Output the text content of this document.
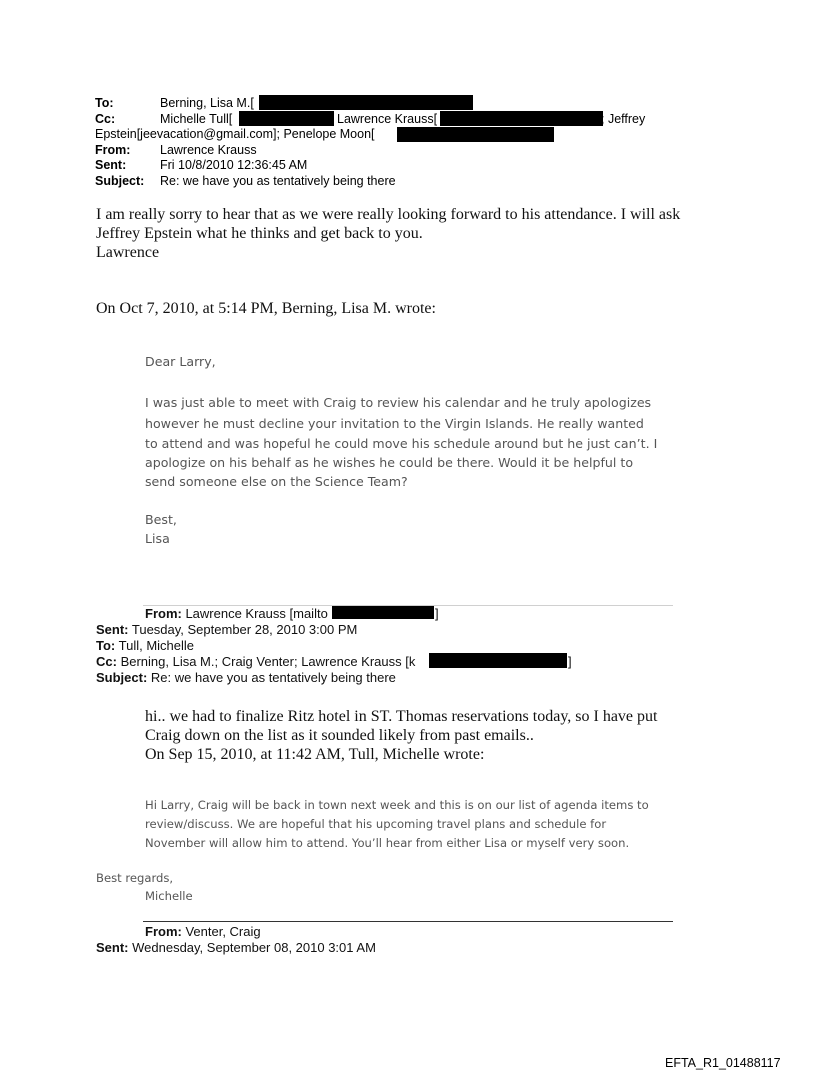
To:	Berning, Lisa M.[
Cc:	Michelle Tull[	Lawrence Krauss[	; Jeffrey
Epstein[jeevacation@gmail.com]; Penelope Moon[
From: Lawrence Krauss
Sent:	Fri 10/8/2010 12:36:45 AM
Subject: Re: we have you as tentatively being there
I am really sorry to hear that as we were really looking forward to his attendance. I will ask
Jeffrey Epstein what he thinks and get back to you.
Lawrence
On Oct 7, 2010, at 5:14 PM, Berning, Lisa M. wrote:
Dear Larry,
I was just able to meet with Craig to review his calendar and he truly apologizes
however he must decline your invitation to the Virgin Islands. He really wanted
to attend and was hopeful he could move his schedule around but he just can’t. I
apologize on his behalf as he wishes he could be there. Would it be helpful to
send someone else on the Science Team?
Best,
Lisa
From: Lawrence Krauss [mailto	]
Sent: Tuesday, September 28, 2010 3:00 PM
To: Tull, Michelle
Cc: Berning, Lisa M.; Craig Venter; Lawrence Krauss [k	]
Subject: Re: we have you as tentatively being there
hi.. we had to finalize Ritz hotel in ST. Thomas reservations today, so I have put
Craig down on the list as it sounded likely from past emails..
On Sep 15, 2010, at 11:42 AM, Tull, Michelle wrote:
Hi Larry, Craig will be back in town next week and this is on our list of agenda items to
review/discuss. We are hopeful that his upcoming travel plans and schedule for
November will allow him to attend. You’ll hear from either Lisa or myself very soon.
Best regards,
Michelle
From: Venter, Craig
Sent: Wednesday, September 08, 2010 3:01 AM
EFTA_R1_01488117
